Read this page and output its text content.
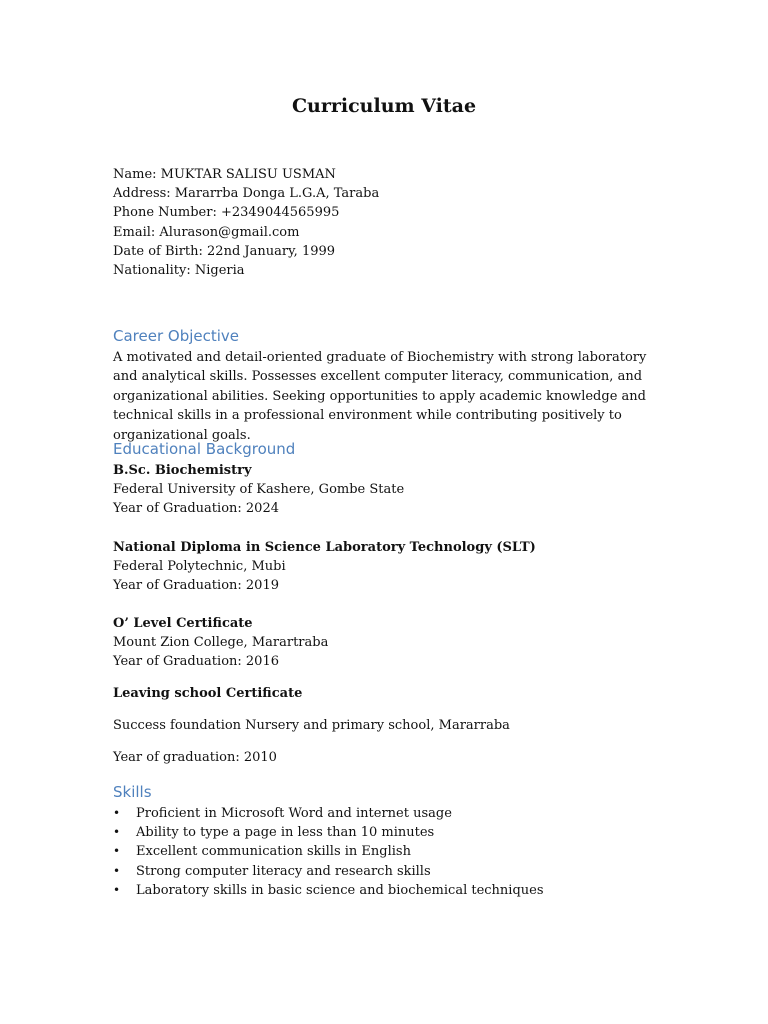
Curriculum Vitae
Name: MUKTAR SALISU USMAN
Address: Mararrba Donga L.G.A, Taraba
Phone Number: +2349044565995
Email: Alurason@gmail.com
Date of Birth: 22nd January, 1999
Nationality: Nigeria
Career Objective

A motivated and detail-oriented graduate of Biochemistry with strong laboratory and analytical skills. Possesses excellent computer literacy, communication, and organizational abilities. Seeking opportunities to apply academic knowledge and technical skills in a professional environment while contributing positively to organizational goals.

Educational Background
B.Sc. Biochemistry
Federal University of Kashere, Gombe State
Year of Graduation: 2024
National Diploma in Science Laboratory Technology (SLT)
Federal Polytechnic, Mubi
Year of Graduation: 2019
O’ Level Certificate
Mount Zion College, Marartraba
Year of Graduation: 2016
Leaving school Certificate
Success foundation Nursery and primary school, Mararraba
Year of graduation: 2010
Skills
• Proficient in Microsoft Word and internet usage
• Ability to type a page in less than 10 minutes
• Excellent communication skills in English
• Strong computer literacy and research skills
• Laboratory skills in basic science and biochemical techniques
